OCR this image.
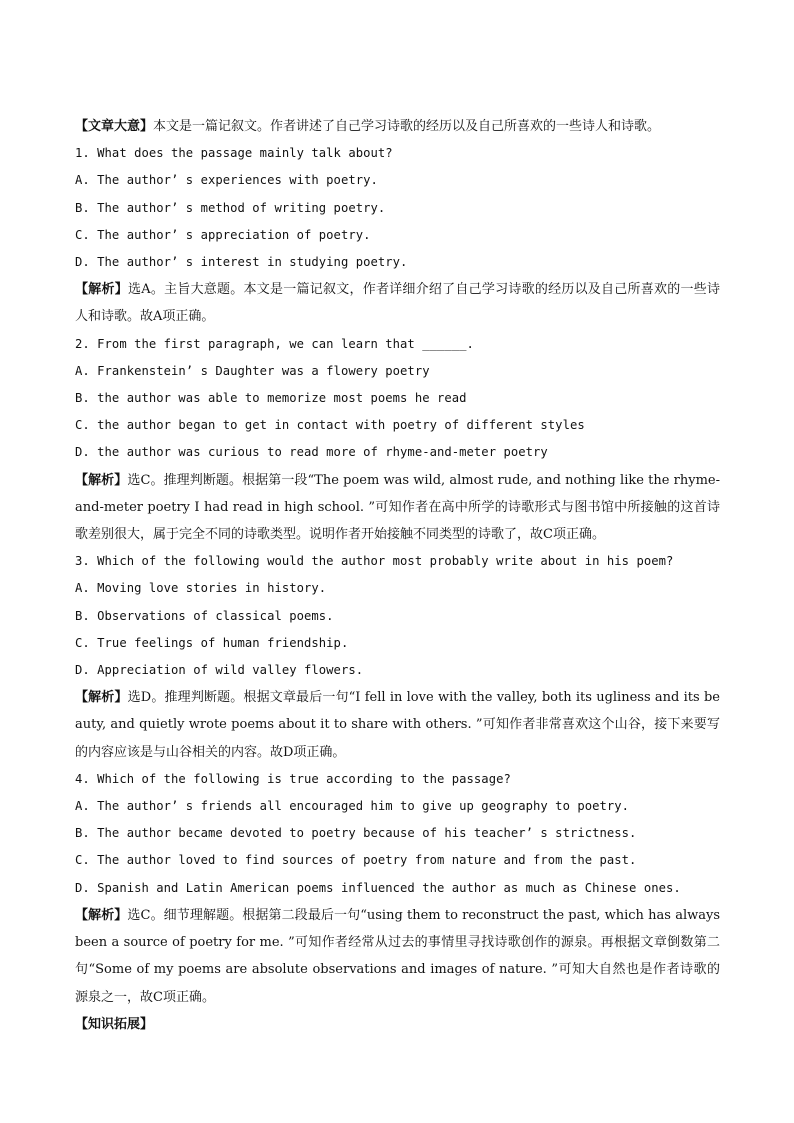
【文章大意】本文是一篇记叙文。作者讲述了自己学习诗歌的经历以及自己所喜欢的一些诗人和诗歌。
1. What does the passage mainly talk about?
A. The author’ s experiences with poetry.
B. The author’ s method of writing poetry.
C. The author’ s appreciation of poetry.
D. The author’ s interest in studying poetry.
【解析】选A。主旨大意题。本文是一篇记叙文，作者详细介绍了自己学习诗歌的经历以及自己所喜欢的一些诗人和诗歌。故A项正确。
2. From the first paragraph, we can learn that ______.
A. Frankenstein’ s Daughter was a flowery poetry
B. the author was able to memorize most poems he read
C. the author began to get in contact with poetry of different styles
D. the author was curious to read more of rhyme-and-meter poetry
【解析】选C。推理判断题。根据第一段“The poem was wild, almost rude, and nothing like the rhyme-and-meter poetry I had read in high school. ”可知作者在高中所学的诗歌形式与图书馆中所接触的这首诗歌差别很大，属于完全不同的诗歌类型。说明作者开始接触不同类型的诗歌了，故C项正确。
3. Which of the following would the author most probably write about in his poem?
A. Moving love stories in history.
B. Observations of classical poems.
C. True feelings of human friendship.
D. Appreciation of wild valley flowers.
【解析】选D。推理判断题。根据文章最后一句“I fell in love with the valley, both its ugliness and its beauty, and quietly wrote poems about it to share with others. ”可知作者非常喜欢这个山谷，接下来要写的内容应该是与山谷相关的内容。故D项正确。
4. Which of the following is true according to the passage?
A. The author’ s friends all encouraged him to give up geography to poetry.
B. The author became devoted to poetry because of his teacher’ s strictness.
C. The author loved to find sources of poetry from nature and from the past.
D. Spanish and Latin American poems influenced the author as much as Chinese ones.
【解析】选C。细节理解题。根据第二段最后一句“using them to reconstruct the past, which has always been a source of poetry for me. ”可知作者经常从过去的事情里寻找诗歌创作的源泉。再根据文章倒数第二句“Some of my poems are absolute observations and images of nature. ”可知大自然也是作者诗歌的源泉之一，故C项正确。
【知识拓展】
